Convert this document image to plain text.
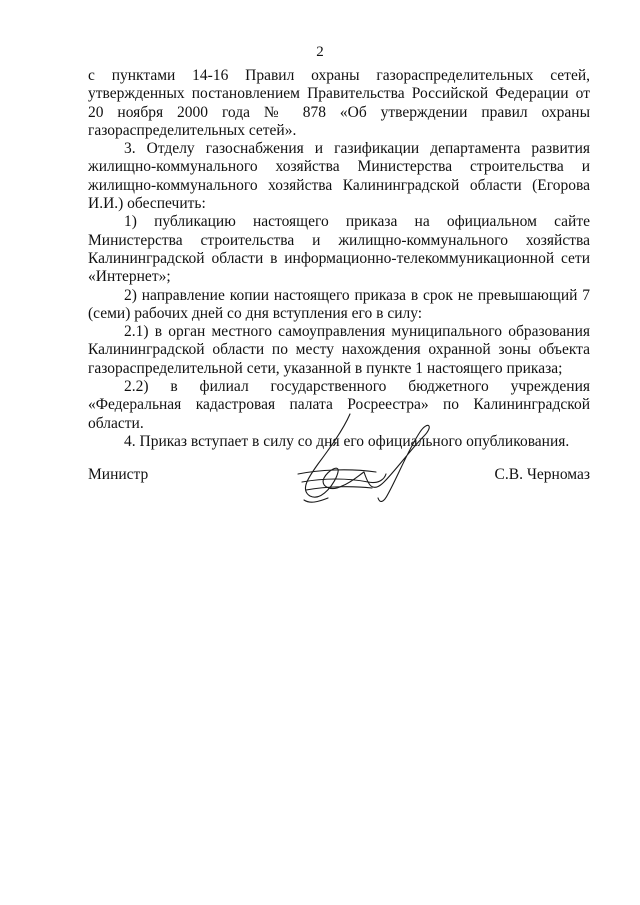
2

с пунктами 14-16 Правил охраны газораспределительных сетей, утвержденных постановлением Правительства Российской Федерации от 20 ноября 2000 года № 878 «Об утверждении правил охраны газораспределительных сетей».

3. Отделу газоснабжения и газификации департамента развития жилищно-коммунального хозяйства Министерства строительства и жилищно-коммунального хозяйства Калининградской области (Егорова И.И.) обеспечить:

1) публикацию настоящего приказа на официальном сайте Министерства строительства и жилищно-коммунального хозяйства Калининградской области в информационно-телекоммуникационной сети «Интернет»;

2) направление копии настоящего приказа в срок не превышающий 7 (семи) рабочих дней со дня вступления его в силу:

2.1) в орган местного самоуправления муниципального образования Калининградской области по месту нахождения охранной зоны объекта газораспределительной сети, указанной в пункте 1 настоящего приказа;

2.2) в филиал государственного бюджетного учреждения «Федеральная кадастровая палата Росреестра» по Калининградской области.

4. Приказ вступает в силу со дня его официального опубликования.

Министр	С.В. Черномаз
